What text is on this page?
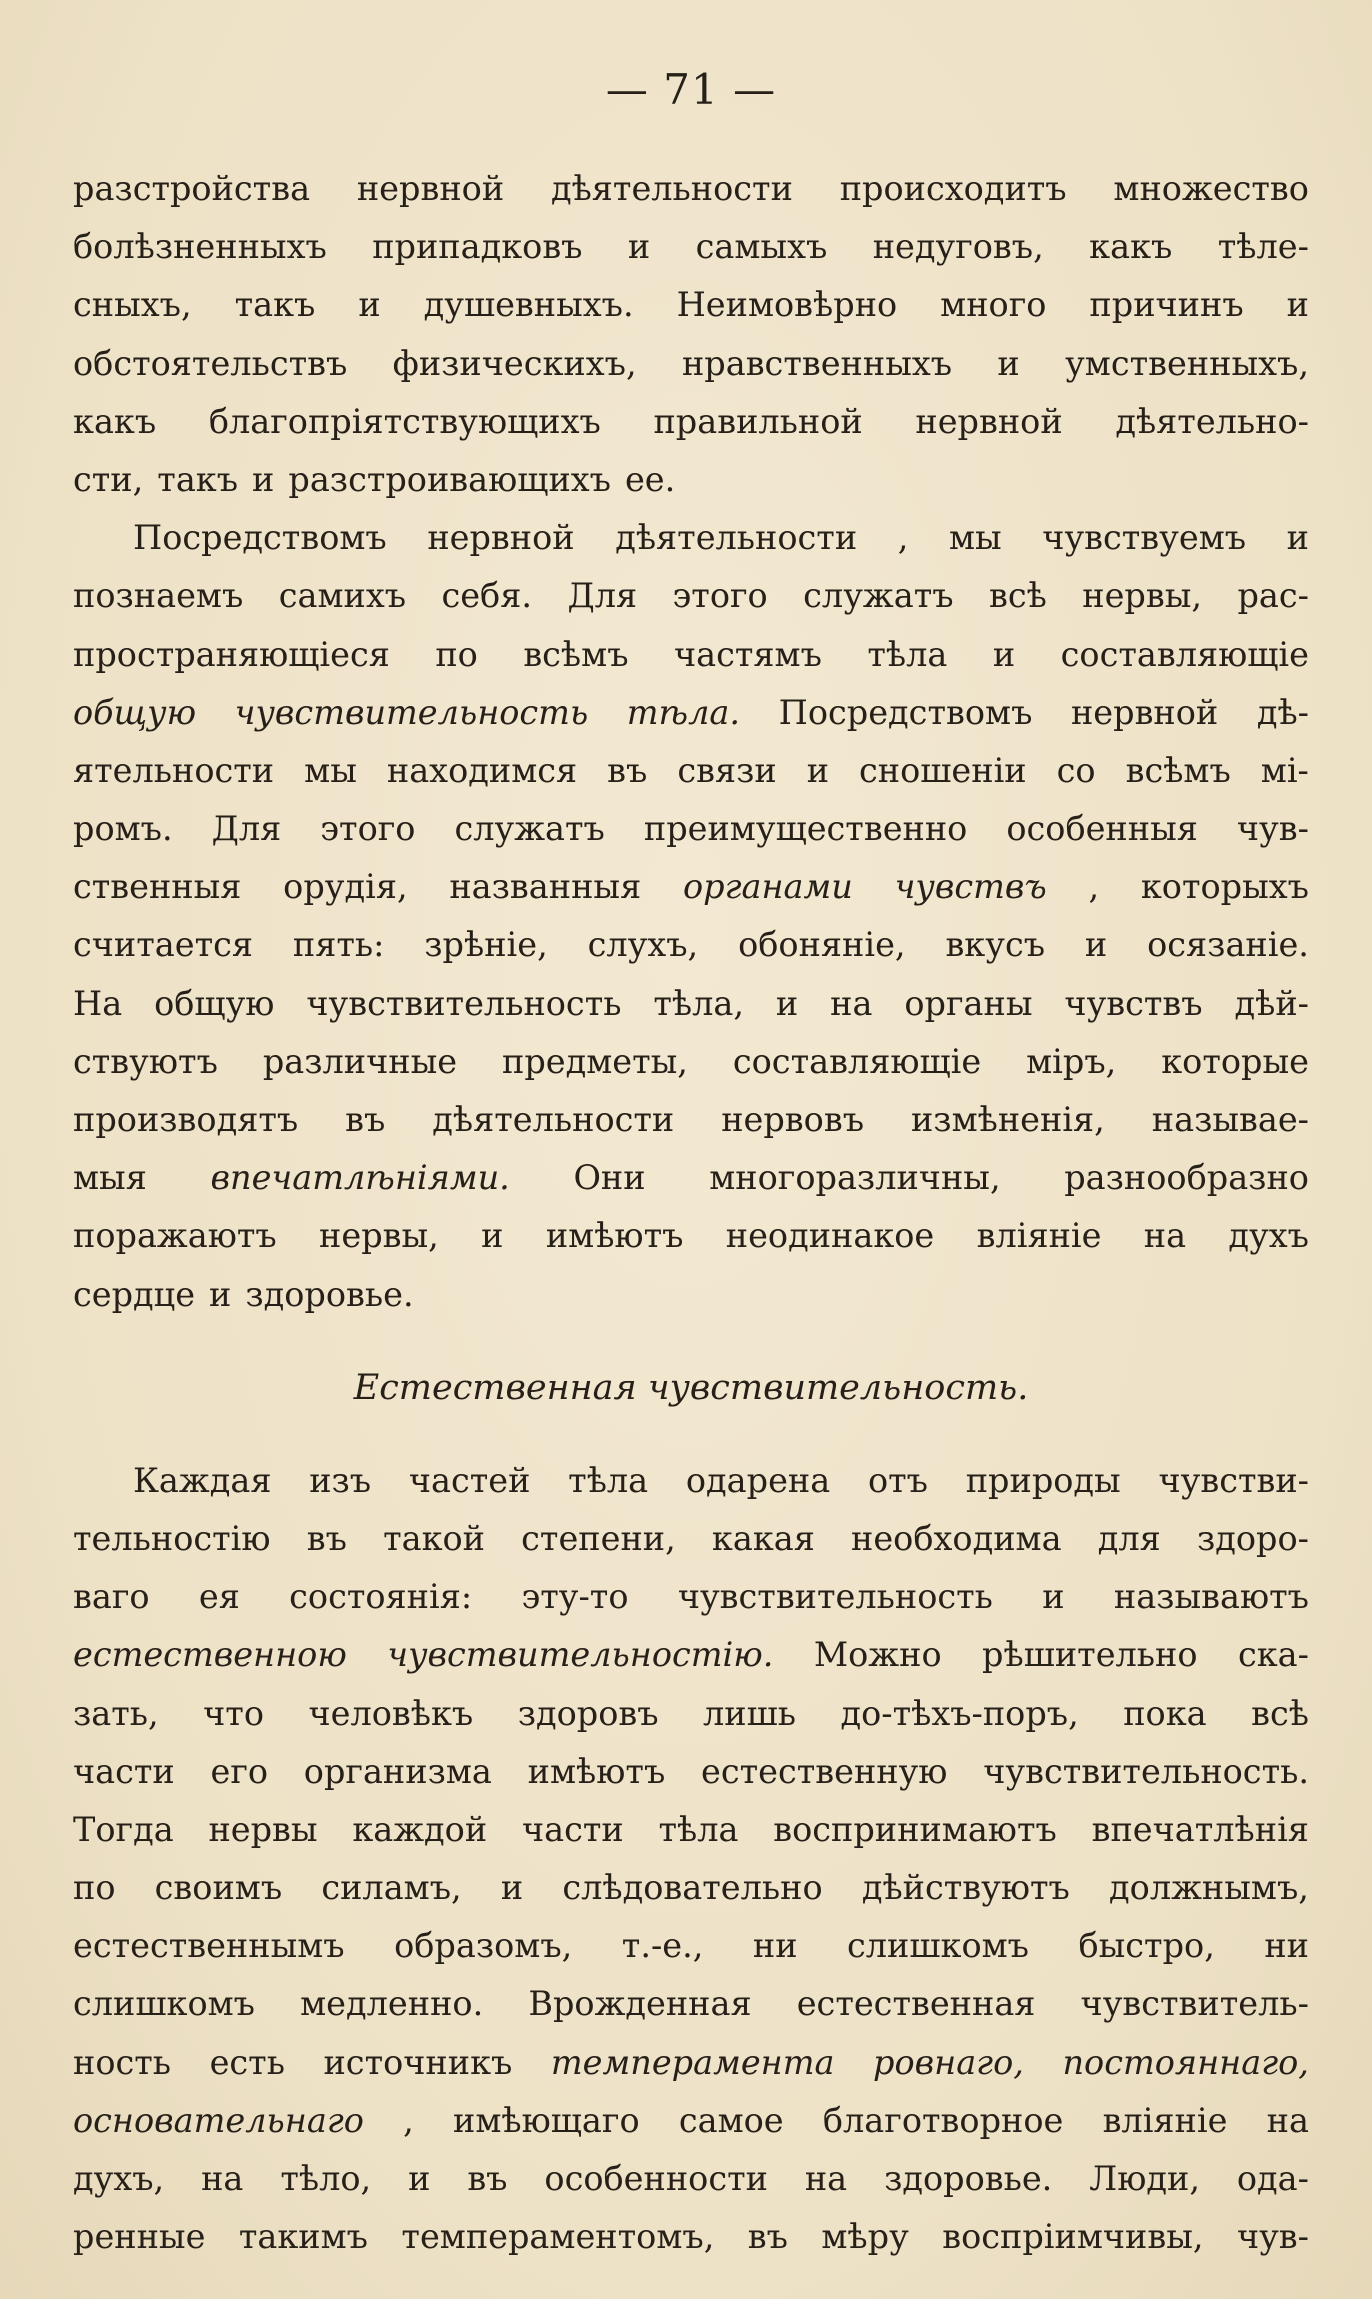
— 71 —
разстройства нервной дѣятельности происходитъ множество
болѣзненныхъ припадковъ и самыхъ недуговъ, какъ тѣле-
сныхъ, такъ и душевныхъ. Неимовѣрно много причинъ и
обстоятельствъ физическихъ, нравственныхъ и умственныхъ,
какъ благопріятствующихъ правильной нервной дѣятельно-
сти, такъ и разстроивающихъ ее.
Посредствомъ нервной дѣятельности , мы чувствуемъ и
познаемъ самихъ себя. Для этого служатъ всѣ нервы, рас-
пространяющіеся по всѣмъ частямъ тѣла и составляющіе
общую чувствительность тѣла. Посредствомъ нервной дѣ-
ятельности мы находимся въ связи и сношеніи со всѣмъ мі-
ромъ. Для этого служатъ преимущественно особенныя чув-
ственныя орудія, названныя органами чувствъ , которыхъ
считается пять: зрѣніе, слухъ, обоняніе, вкусъ и осязаніе.
На общую чувствительность тѣла, и на органы чувствъ дѣй-
ствуютъ различные предметы, составляющіе міръ, которые
производятъ въ дѣятельности нервовъ измѣненія, называе-
мыя впечатлѣніями. Они многоразличны, разнообразно
поражаютъ нервы, и имѣютъ неодинакое вліяніе на духъ
сердце и здоровье.
Естественная чувствительность.
Каждая изъ частей тѣла одарена отъ природы чувстви-
тельностію въ такой степени, какая необходима для здоро-
ваго ея состоянія: эту-то чувствительность и называютъ
естественною чувствительностію. Можно рѣшительно ска-
зать, что человѣкъ здоровъ лишь до-тѣхъ-поръ, пока всѣ
части его организма имѣютъ естественную чувствительность.
Тогда нервы каждой части тѣла воспринимаютъ впечатлѣнія
по своимъ силамъ, и слѣдовательно дѣйствуютъ должнымъ,
естественнымъ образомъ, т.-е., ни слишкомъ быстро, ни
слишкомъ медленно. Врожденная естественная чувствитель-
ность есть источникъ темперамента ровнаго, постояннаго,
основательнаго , имѣющаго самое благотворное вліяніе на
духъ, на тѣло, и въ особенности на здоровье. Люди, ода-
ренные такимъ темпераментомъ, въ мѣру воспріимчивы, чув-
